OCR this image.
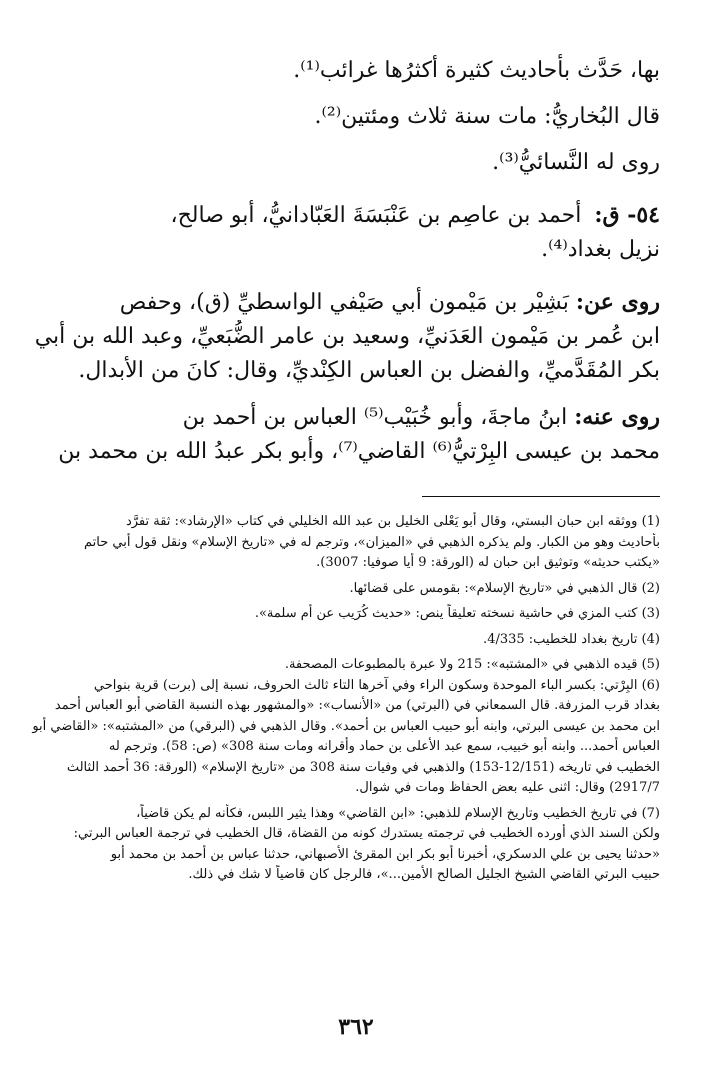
بها، حَدَّث بأحاديث كثيرة أكثرُها غرائب⁽¹⁾.
قال البُخاريُّ: مات سنة ثلاث ومئتين⁽²⁾.
روى له النَّسائيُّ⁽³⁾.
٥٤- ق: أحمد بن عاصِم بن عَنْبَسَةَ العَبّادانيُّ، أبو صالح،
نزيل بغداد⁽⁴⁾.
روى عن: بَشِيْر بن مَيْمون أبي صَيْفي الواسطيِّ (ق)، وحفص
ابن عُمر بن مَيْمون العَدَنيِّ، وسعيد بن عامر الضُّبَعيِّ، وعبد الله بن أبي
بكر المُقَدَّميِّ، والفضل بن العباس الكِنْديِّ، وقال: كانَ من الأبدال.
روى عنه: ابنُ ماجةَ، وأبو خُبَيْب⁽⁵⁾ العباس بن أحمد بن
محمد بن عيسى البِرْتيُّ⁽⁶⁾ القاضي⁽⁷⁾، وأبو بكر عبدُ الله بن محمد بن
(1) ووثقه ابن حبان البستي، وقال أبو يَعْلى الخليل بن عبد الله الخليلي في كتاب «الإرشاد»: ثقة تفرَّد
بأحاديث وهو من الكبار. ولم يذكره الذهبي في «الميزان»، وترجم له في «تاريخ الإسلام» ونقل قول أبي حاتم
«يكتب حديثه» وتوثيق ابن حبان له (الورقة: 9 أيا صوفيا: 3007).
(2) قال الذهبي في «تاريخ الإسلام»: بقومس على قضائها.
(3) كتب المزي في حاشية نسخته تعليقاً ينص: «حديث كُرَيب عن أم سلمة».
(4) تاريخ بغداد للخطيب: 4/335.
(5) قيده الذهبي في «المشتبه»: 215 ولا عبرة بالمطبوعات المصحفة.
(6) البِرْتي: بكسر الباء الموحدة وسكون الراء وفي آخرها التاء ثالث الحروف، نسبة إلى (برت) قرية بنواحي
بغداد قرب المزرفة. قال السمعاني في (البرتي) من «الأنساب»: «والمشهور بهذه النسبة القاضي أبو العباس أحمد
ابن محمد بن عيسى البرتي، وابنه أبو حبيب العباس بن أحمد». وقال الذهبي في (البرقي) من «المشتبه»: «القاضي أبو
العباس أحمد... وابنه أبو خبيب، سمع عبد الأعلى بن حماد وأقرانه ومات سنة 308» (ص: 58). وترجم له
الخطيب في تاريخه (12/151-153) والذهبي في وفيات سنة 308 من «تاريخ الإسلام» (الورقة: 36 أحمد الثالث
2917/7) وقال: اثنى عليه بعض الحفاظ ومات في شوال.
(7) في تاريخ الخطيب وتاريخ الإسلام للذهبي: «ابن القاضي» وهذا يثير اللبس، فكأنه لم يكن قاضياً،
ولكن السند الذي أورده الخطيب في ترجمته يستدرك كونه من القضاة، قال الخطيب في ترجمة العباس البرتي:
«حدثنا يحيى بن علي الدسكري، أخبرنا أبو بكر ابن المقرئ الأصبهاني، حدثنا عباس بن أحمد بن محمد أبو
حبيب البرتي القاضي الشيخ الجليل الصالح الأمين...»، فالرجل كان قاضياً لا شك في ذلك.
٣٦٢
